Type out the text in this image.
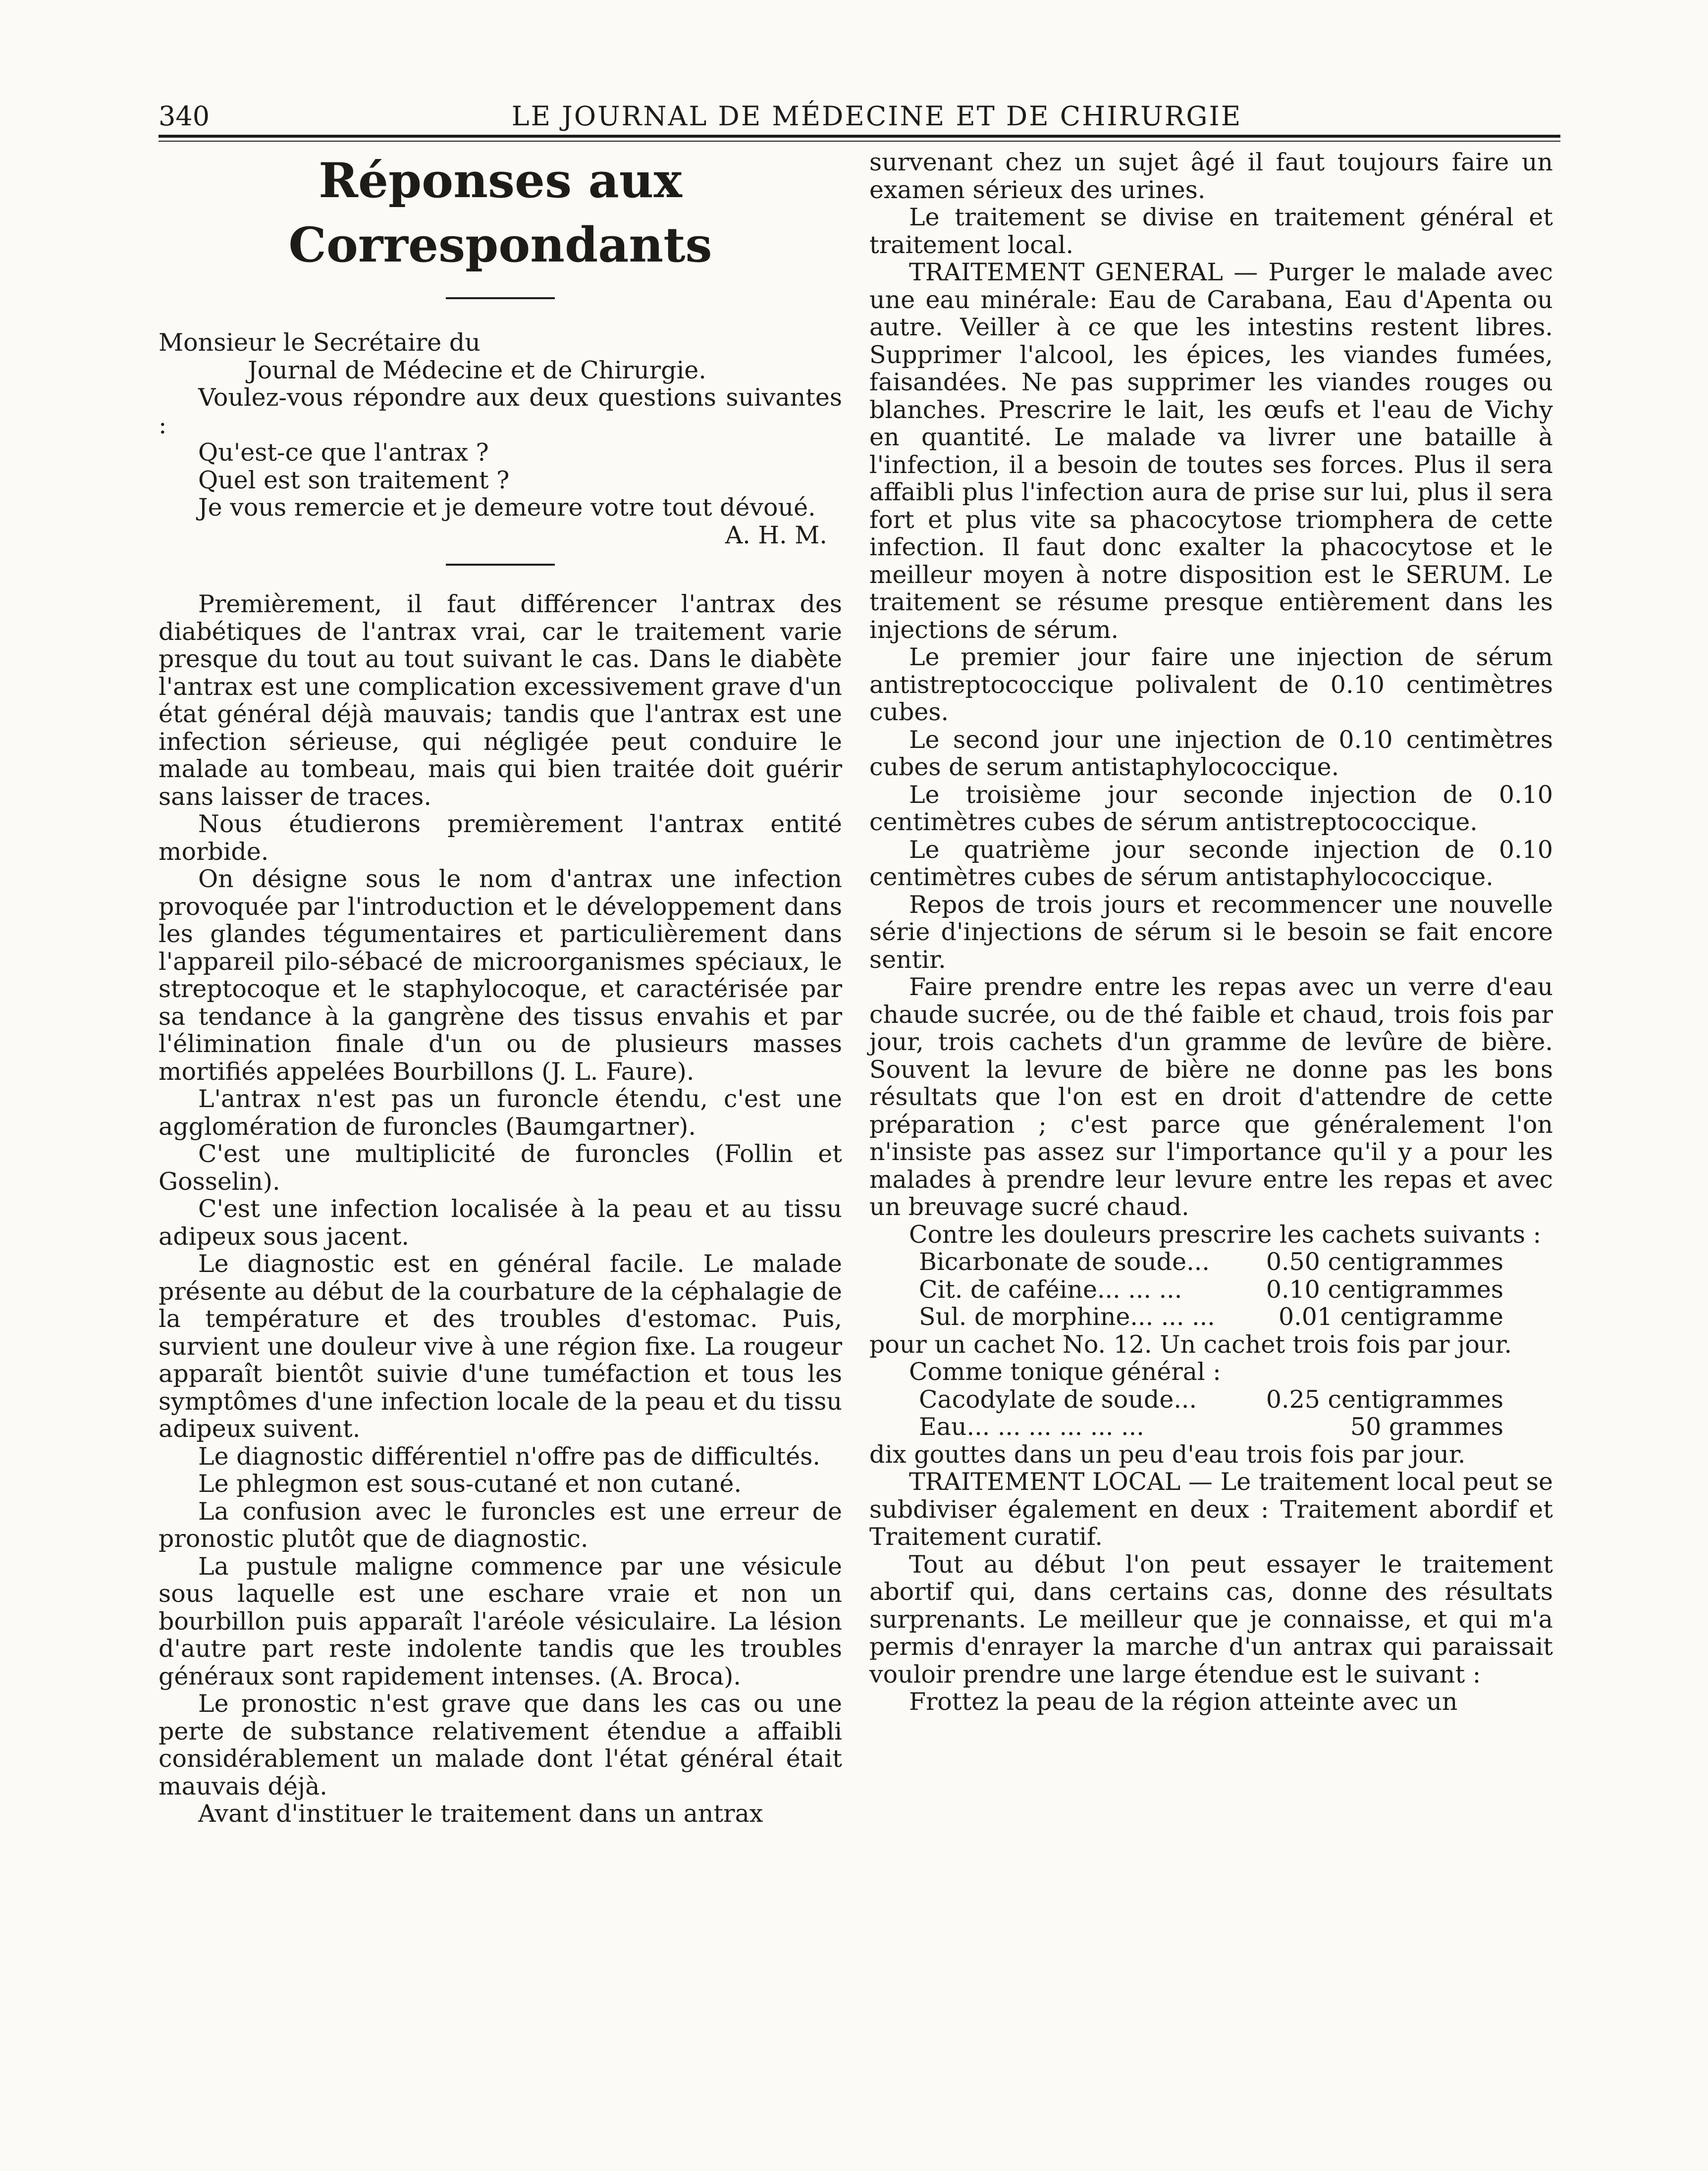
340	LE JOURNAL DE MÉDECINE ET DE CHIRURGIE
Réponses aux Correspondants

Monsieur le Secrétaire du

Journal de Médecine et de Chirurgie.

Voulez-vous répondre aux deux questions suivantes :

Qu'est-ce que l'antrax ?

Quel est son traitement ?

Je vous remercie et je demeure votre tout dévoué.

A. H. M.

Premièrement, il faut différencer l'antrax des diabétiques de l'antrax vrai, car le traitement varie presque du tout au tout suivant le cas. Dans le diabète l'antrax est une complication excessivement grave d'un état général déjà mauvais; tandis que l'antrax est une infection sérieuse, qui négligée peut conduire le malade au tombeau, mais qui bien traitée doit guérir sans laisser de traces.

Nous étudierons premièrement l'antrax entité morbide.

On désigne sous le nom d'antrax une infection provoquée par l'introduction et le développement dans les glandes tégumentaires et particulièrement dans l'appareil pilo-sébacé de microorganismes spéciaux, le streptocoque et le staphylocoque, et caractérisée par sa tendance à la gangrène des tissus envahis et par l'élimination finale d'un ou de plusieurs masses mortifiés appelées Bourbillons (J. L. Faure).

L'antrax n'est pas un furoncle étendu, c'est une agglomération de furoncles (Baumgartner).

C'est une multiplicité de furoncles (Follin et Gosselin).

C'est une infection localisée à la peau et au tissu adipeux sous jacent.

Le diagnostic est en général facile. Le malade présente au début de la courbature de la céphalagie de la température et des troubles d'estomac. Puis, survient une douleur vive à une région fixe. La rougeur apparaît bientôt suivie d'une tuméfaction et tous les symptômes d'une infection locale de la peau et du tissu adipeux suivent.

Le diagnostic différentiel n'offre pas de difficultés.

Le phlegmon est sous-cutané et non cutané.

La confusion avec le furoncles est une erreur de pronostic plutôt que de diagnostic.

La pustule maligne commence par une vésicule sous laquelle est une eschare vraie et non un bourbillon puis apparaît l'aréole vésiculaire. La lésion d'autre part reste indolente tandis que les troubles généraux sont rapidement intenses. (A. Broca).

Le pronostic n'est grave que dans les cas ou une perte de substance relativement étendue a affaibli considérablement un malade dont l'état général était mauvais déjà.

Avant d'instituer le traitement dans un antrax

survenant chez un sujet âgé il faut toujours faire un examen sérieux des urines.

Le traitement se divise en traitement général et traitement local.

TRAITEMENT GENERAL — Purger le malade avec une eau minérale: Eau de Carabana, Eau d'Apenta ou autre. Veiller à ce que les intestins restent libres. Supprimer l'alcool, les épices, les viandes fumées, faisandées. Ne pas supprimer les viandes rouges ou blanches. Prescrire le lait, les œufs et l'eau de Vichy en quantité. Le malade va livrer une bataille à l'infection, il a besoin de toutes ses forces. Plus il sera affaibli plus l'infection aura de prise sur lui, plus il sera fort et plus vite sa phacocytose triomphera de cette infection. Il faut donc exalter la phacocytose et le meilleur moyen à notre disposition est le SERUM. Le traitement se résume presque entièrement dans les injections de sérum.

Le premier jour faire une injection de sérum antistreptococcique polivalent de 0.10 centimètres cubes.

Le second jour une injection de 0.10 centimètres cubes de serum antistaphylococcique.

Le troisième jour seconde injection de 0.10 centimètres cubes de sérum antistreptococcique.

Le quatrième jour seconde injection de 0.10 centimètres cubes de sérum antistaphylococcique.

Repos de trois jours et recommencer une nouvelle série d'injections de sérum si le besoin se fait encore sentir.

Faire prendre entre les repas avec un verre d'eau chaude sucrée, ou de thé faible et chaud, trois fois par jour, trois cachets d'un gramme de levûre de bière. Souvent la levure de bière ne donne pas les bons résultats que l'on est en droit d'attendre de cette préparation ; c'est parce que généralement l'on n'insiste pas assez sur l'importance qu'il y a pour les malades à prendre leur levure entre les repas et avec un breuvage sucré chaud.

Contre les douleurs prescrire les cachets suivants :

Bicarbonate de soude... 0.50 centigrammes
Cit. de caféine... ... ...	0.10 centigrammes
Sul. de morphine... ... ...	0.01 centigramme

pour un cachet No. 12. Un cachet trois fois par jour.

Comme tonique général :

Cacodylate de soude...	0.25 centigrammes
Eau... ... ... ... ... ...	50 grammes

dix gouttes dans un peu d'eau trois fois par jour.

TRAITEMENT LOCAL — Le traitement local peut se subdiviser également en deux : Traitement abordif et Traitement curatif.

Tout au début l'on peut essayer le traitement abortif qui, dans certains cas, donne des résultats surprenants. Le meilleur que je connaisse, et qui m'a permis d'enrayer la marche d'un antrax qui paraissait vouloir prendre une large étendue est le suivant :

Frottez la peau de la région atteinte avec un
